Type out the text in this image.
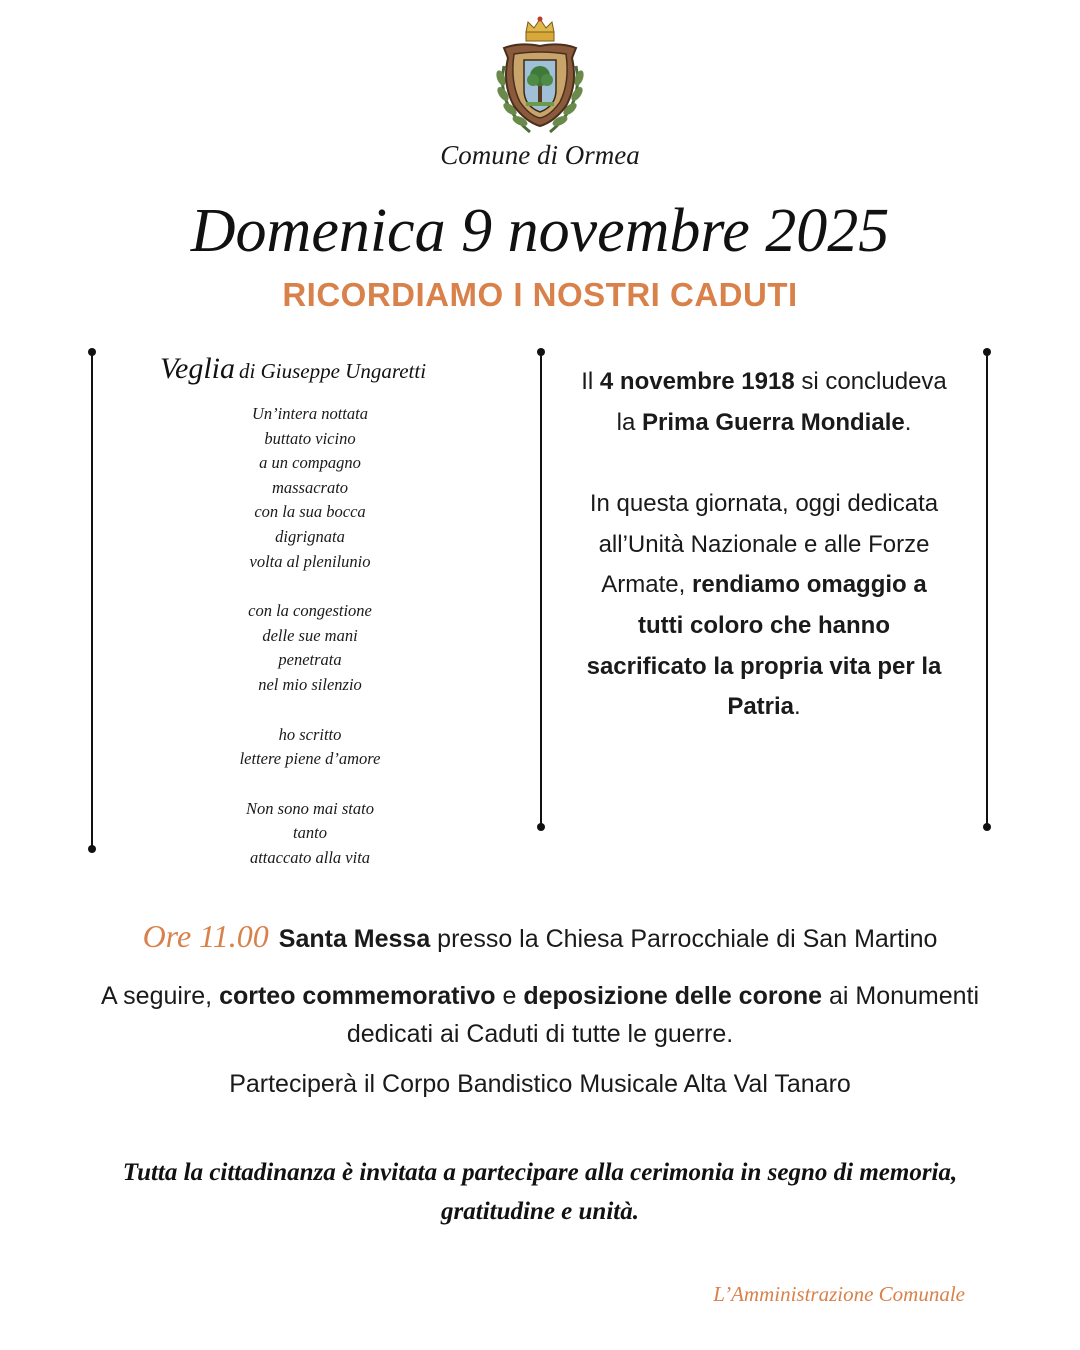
Comune di Ormea
Domenica 9 novembre 2025
RICORDIAMO I NOSTRI CADUTI
Veglia di Giuseppe Ungaretti
Un’intera nottata
buttato vicino
a un compagno
massacrato
con la sua bocca
digrignata
volta al plenilunio
con la congestione
delle sue mani
penetrata
nel mio silenzio
ho scritto
lettere piene d’amore
Non sono mai stato
tanto
attaccato alla vita

Il 4 novembre 1918 si concludeva la Prima Guerra Mondiale.

In questa giornata, oggi dedicata all’Unità Nazionale e alle Forze Armate, rendiamo omaggio a tutti coloro che hanno sacrificato la propria vita per la Patria.

Ore 11.00 Santa Messa presso la Chiesa Parrocchiale di San Martino
A seguire, corteo commemorativo e deposizione delle corone ai Monumenti dedicati ai Caduti di tutte le guerre.
Parteciperà il Corpo Bandistico Musicale Alta Val Tanaro
Tutta la cittadinanza è invitata a partecipare alla cerimonia in segno di memoria, gratitudine e unità.
L’Amministrazione Comunale
